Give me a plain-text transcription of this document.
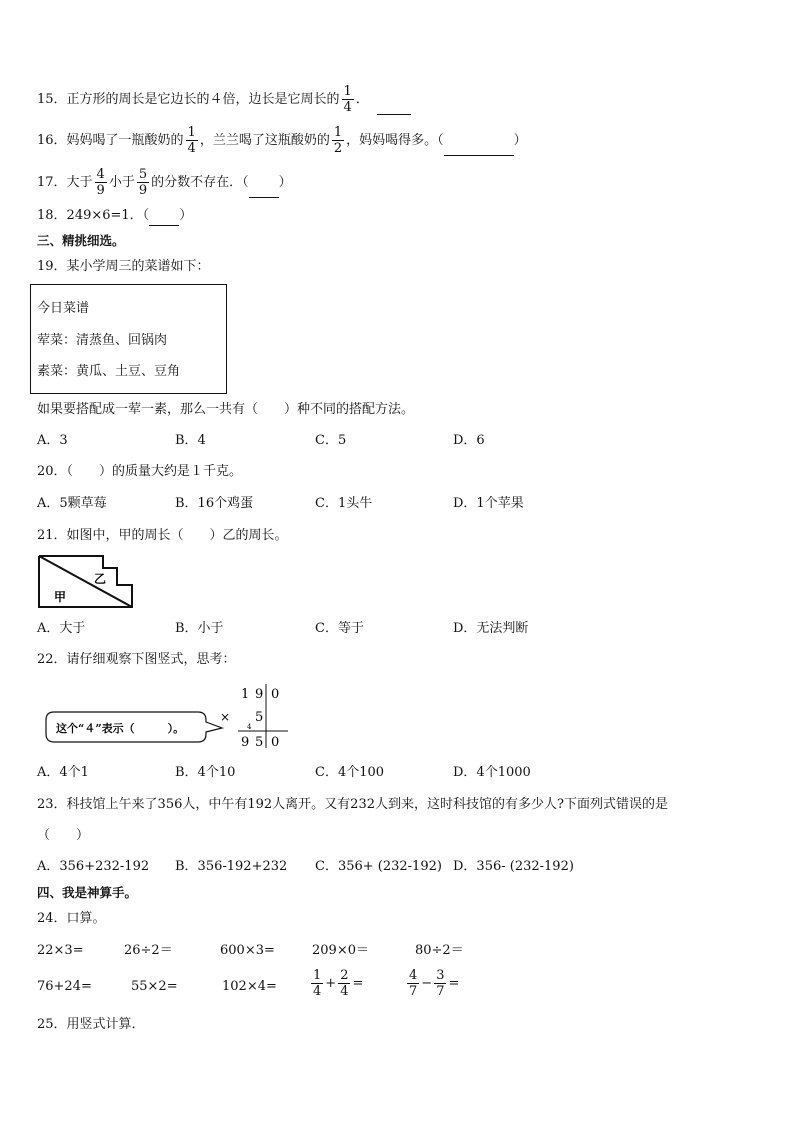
15．正方形的周长是它边长的４倍，边长是它周长的 $\frac{1}{4}$ ．
16．妈妈喝了一瓶酸奶的 $\frac{1}{4}$ ，兰兰喝了这瓶酸奶的 $\frac{1}{2}$ ，妈妈喝得多。（	）
17．大于 $\frac{4}{9}$ 小于 $\frac{5}{9}$ 的分数不存在．（ ）
18．249×6=1．（ ）
三、精挑细选。
19．某小学周三的菜谱如下：
今日菜谱
荤菜：清蒸鱼、回锅肉
素菜：黄瓜、土豆、豆角
如果要搭配成一荤一素，那么一共有（　　）种不同的搭配方法。
A．3	B．4	C．5	D．6
20．（　　）的质量大约是１千克。
A．5颗草莓	B．16个鸡蛋	C．1头牛	D．1个苹果
21．如图中，甲的周长（　　）乙的周长。
甲
乙
A．大于	B．小于	C．等于	D．无法判断
22．请仔细观察下图竖式，思考：
这个“４”表示（　　　）。
1 9 0
× 5
4
9 5 0
A．4个1	B．4个10	C．4个100	D．4个1000
23．科技馆上午来了356人，中午有192人离开。又有232人到来，这时科技馆的有多少人?下面列式错误的是
（　　）
A．356+232-192 B．356-192+232 C．356+ (232-192) D．356- (232-192)
四、我是神算手。
24．口算。
22×3=	26÷2＝	600×3=	209×0＝	80÷2＝
76+24=	55×2=	102×4=	$\frac{1}{4} + \frac{2}{4}$ =	$\frac{4}{7} - \frac{3}{7}$ =
25．用竖式计算．
